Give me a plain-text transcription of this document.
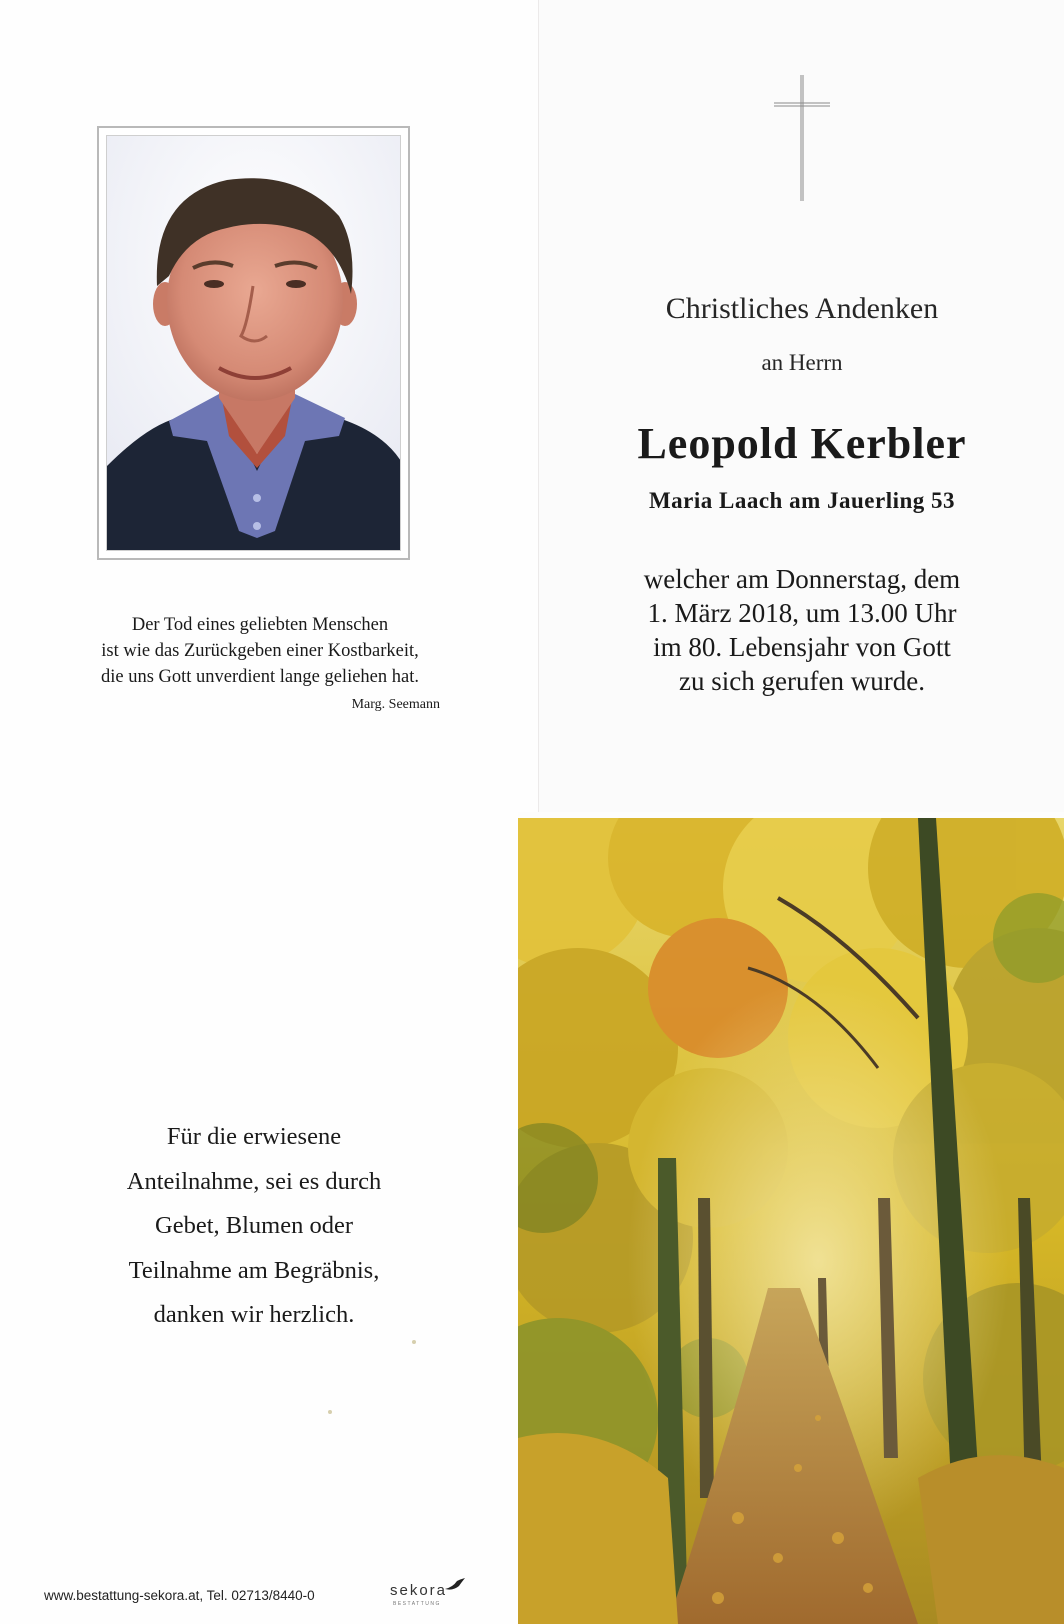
Der Tod eines geliebten Menschen
ist wie das Zurückgeben einer Kostbarkeit,
die uns Gott unverdient lange geliehen hat.
Marg. Seemann
Christliches Andenken
an Herrn
Leopold Kerbler
Maria Laach am Jauerling 53
welcher am Donnerstag, dem
1. März 2018, um 13.00 Uhr
im 80. Lebensjahr von Gott
zu sich gerufen wurde.
Für die erwiesene
Anteilnahme, sei es durch
Gebet, Blumen oder
Teilnahme am Begräbnis,
danken wir herzlich.
www.bestattung-sekora.at, Tel. 02713/8440-0	sekora
BESTATTUNG
